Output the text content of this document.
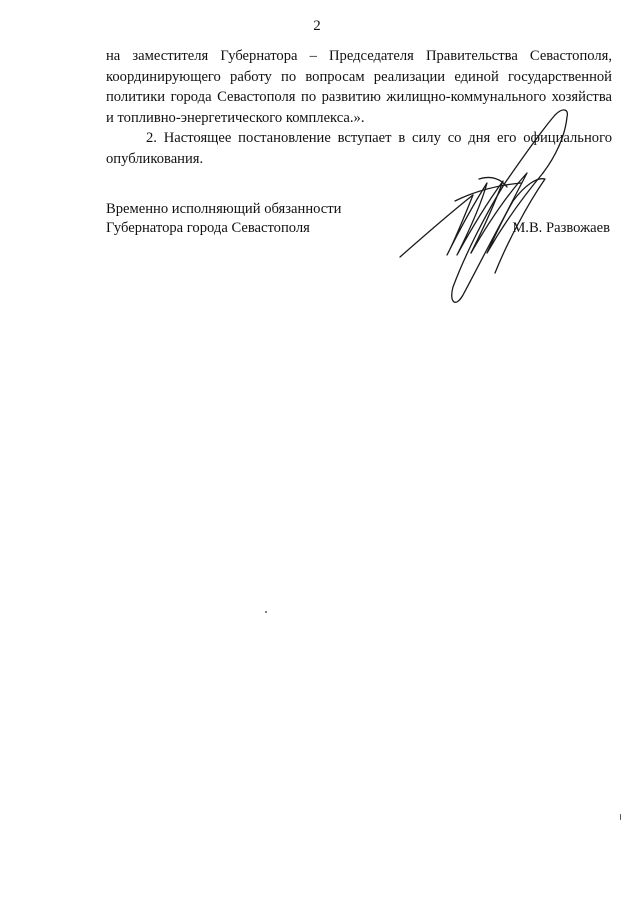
2

на заместителя Губернатора – Председателя Правительства Севастополя, координирующего работу по вопросам реализации единой государственной политики города Севастополя по развитию жилищно-коммунального хозяйства и топливно-энергетического комплекса.».

2. Настоящее постановление вступает в силу со дня его официального опубликования.

Временно исполняющий обязанности
Губернатора города Севастополя	М.В. Развожаев
